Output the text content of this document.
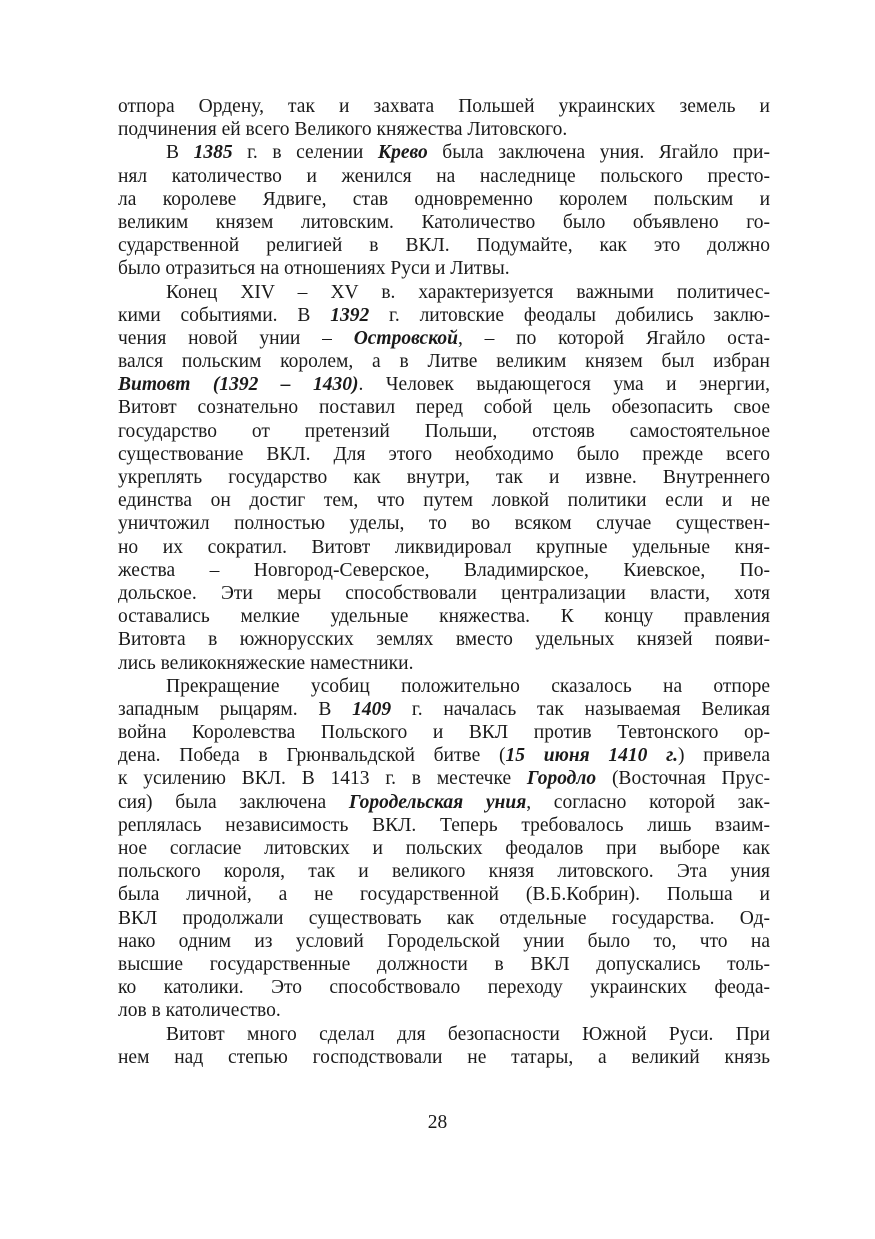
отпора Ордену, так и захвата Польшей украинских земель и
подчинения ей всего Великого княжества Литовского.
В 1385 г. в селении Крево была заключена уния. Ягайло при-
нял католичество и женился на наследнице польского престо-
ла королеве Ядвиге, став одновременно королем польским и
великим князем литовским. Католичество было объявлено го-
сударственной религией в ВКЛ. Подумайте, как это должно
было отразиться на отношениях Руси и Литвы.
Конец XIV – XV в. характеризуется важными политичес-
кими событиями. В 1392 г. литовские феодалы добились заклю-
чения новой унии – Островской, – по которой Ягайло оста-
вался польским королем, а в Литве великим князем был избран
Витовт (1392 – 1430). Человек выдающегося ума и энергии,
Витовт сознательно поставил перед собой цель обезопасить свое
государство от претензий Польши, отстояв самостоятельное
существование ВКЛ. Для этого необходимо было прежде всего
укреплять государство как внутри, так и извне. Внутреннего
единства он достиг тем, что путем ловкой политики если и не
уничтожил полностью уделы, то во всяком случае существен-
но их сократил. Витовт ликвидировал крупные удельные кня-
жества – Новгород-Северское, Владимирское, Киевское, По-
дольское. Эти меры способствовали централизации власти, хотя
оставались мелкие удельные княжества. К концу правления
Витовта в южнорусских землях вместо удельных князей появи-
лись великокняжеские наместники.
Прекращение усобиц положительно сказалось на отпоре
западным рыцарям. В 1409 г. началась так называемая Великая
война Королевства Польского и ВКЛ против Тевтонского ор-
дена. Победа в Грюнвальдской битве (15 июня 1410 г.) привела
к усилению ВКЛ. В 1413 г. в местечке Городло (Восточная Прус-
сия) была заключена Городельская уния, согласно которой зак-
реплялась независимость ВКЛ. Теперь требовалось лишь взаим-
ное согласие литовских и польских феодалов при выборе как
польского короля, так и великого князя литовского. Эта уния
была личной, а не государственной (В.Б.Кобрин). Польша и
ВКЛ продолжали существовать как отдельные государства. Од-
нако одним из условий Городельской унии было то, что на
высшие государственные должности в ВКЛ допускались толь-
ко католики. Это способствовало переходу украинских феода-
лов в католичество.
Витовт много сделал для безопасности Южной Руси. При
нем над степью господствовали не татары, а великий князь
28
